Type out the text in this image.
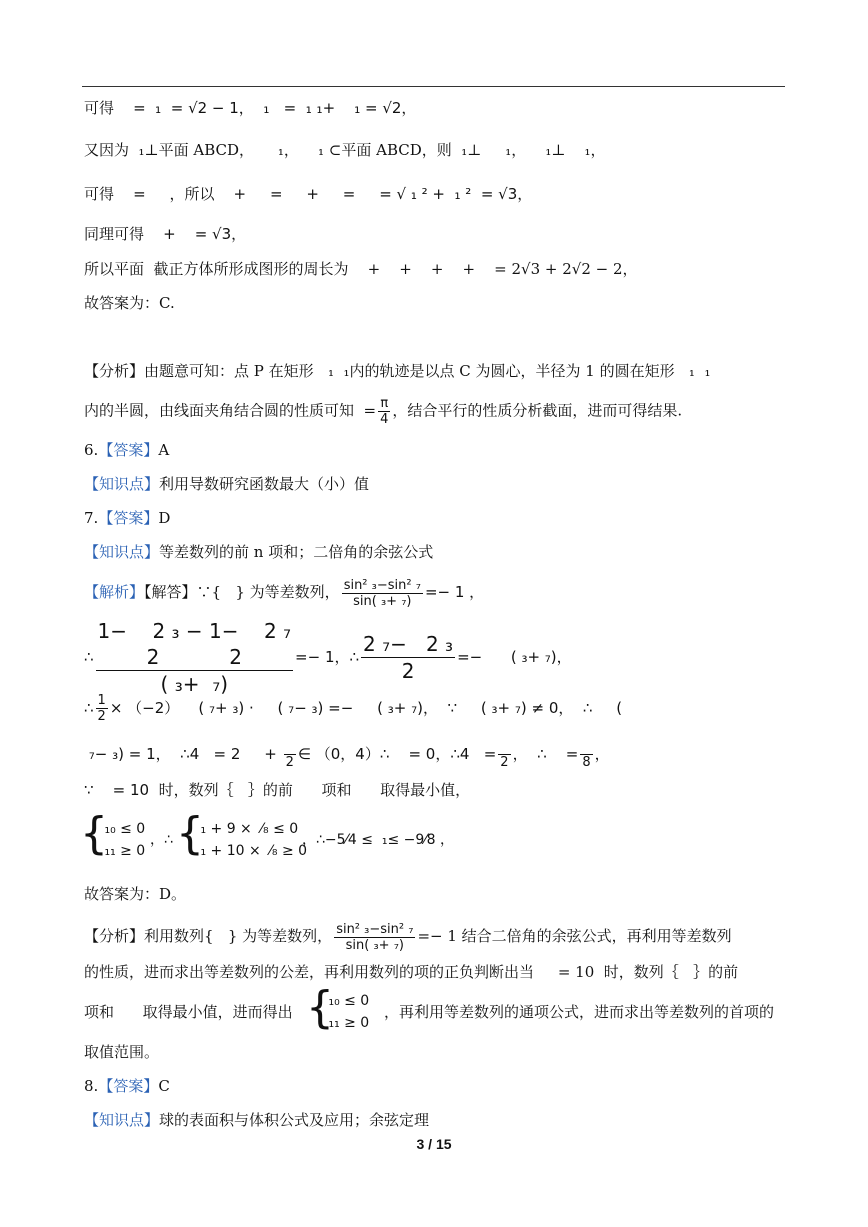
可得    =  ₁  = √2 − 1，  ₁   =  ₁ ₁+    ₁ = √2，
又因为  ₁⊥平面 ABCD，     ₁，    ₁ ⊂平面 ABCD，则  ₁⊥     ₁，    ₁⊥    ₁，
可得    =     ，所以    +     =     +     =     = √ ₁ ² +  ₁ ²  = √3，
同理可得    +    = √3，
所以平面  截正方体所形成图形的周长为    +    +    +    +    = 2√3 + 2√2 − 2，
故答案为：C.
【分析】由题意可知：点 P 在矩形   ₁  ₁内的轨迹是以点 C 为圆心，半径为 1 的圆在矩形   ₁  ₁
内的半圆，由线面夹角结合圆的性质可知  = $\frac{\pi}{4}$ ，结合平行的性质分析截面，进而可得结果.
6.【答案】A
【知识点】利用导数研究函数最大（小）值
7.【答案】D
【知识点】等差数列的前 n 项和；二倍角的余弦公式
【解析】【解答】∵{   } 为等差数列， $\frac{\text{sin² ₃−sin² ₇}}{\text{sin( ₃+ ₇)}} =- 1$ ，
∴
1−    2 ₃ − 1−    2 ₇
2           2
( ₃+  ₇)
=− 1，∴ $\frac{\text{2 ₇−   2 ₃}}{2}$ =−      ( ₃+ ₇)，
∴ $\frac{1}{2} \times (-2)$    ( ₇+ ₃) ·     ( ₇− ₃) =−     ( ₃+ ₇)，  ∵     ( ₃+ ₇) ≠ 0，  ∴     (
₇− ₃) = 1，  ∴4   = 2     +
2 ∈ （0，4）∴    = 0，∴4   =
2 ，  ∴    =
8 ，
∵    = 10  时，数列｛   ｝的前      项和      取得最小值，
{
₁₀ ≤ 0
₁₁ ≥ 0
，∴ {
₁ + 9 ×  ⁄₈ ≤ 0
₁ + 10 ×  ⁄₈ ≥ 0
，∴−5⁄4 ≤  ₁≤ −9⁄8 ，
故答案为：D。
【分析】利用数列{   } 为等差数列， $\frac{\text{sin² ₃−sin² ₇}}{\text{sin( ₃+ ₇)}} =- 1$ 结合二倍角的余弦公式，再利用等差数列
的性质，进而求出等差数列的公差，再利用数列的项的正负判断出当     = 10  时，数列｛   ｝的前
项和      取得最小值，进而得出 {
₁₀ ≤ 0
₁₁ ≥ 0
，再利用等差数列的通项公式，进而求出等差数列的首项的
取值范围。
8.【答案】C
【知识点】球的表面积与体积公式及应用；余弦定理
3 / 15
